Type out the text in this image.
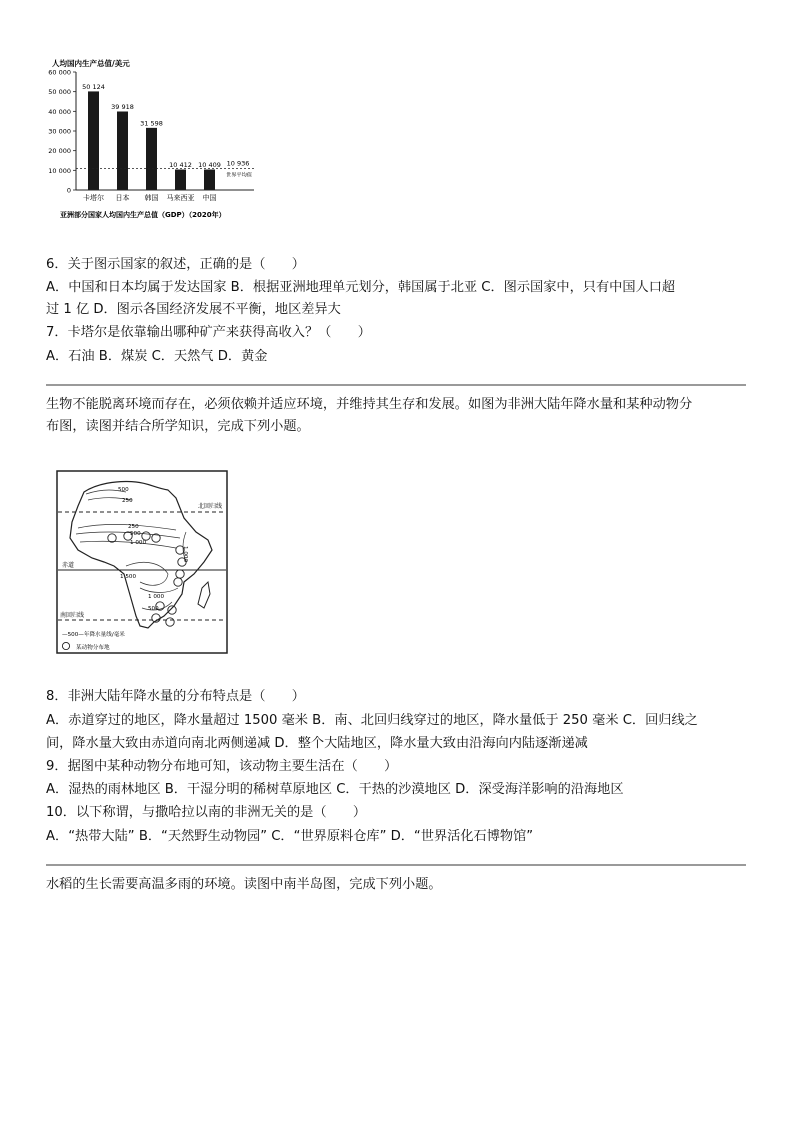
人均国内生产总值/美元
0
10 000
20 000
30 000
40 000
50 000
60 000
50 124
39 918
31 598
10 412 10 409
卡塔尔 日本 韩国 马来西亚 中国
10 936
世界平均值
亚洲部分国家人均国内生产总值（GDP）（2020年）
6．关于图示国家的叙述，正确的是（　　）
A．中国和日本均属于发达国家 B．根据亚洲地理单元划分，韩国属于北亚 C．图示国家中，只有中国人口超
过 1 亿 D．图示各国经济发展不平衡，地区差异大
7．卡塔尔是依靠输出哪种矿产来获得高收入？（　　）
A．石油 B．煤炭 C．天然气 D．黄金
生物不能脱离环境而存在，必须依赖并适应环境，并维持其生存和发展。如图为非洲大陆年降水量和某种动物分
布图，读图并结合所学知识，完成下列小题。
北回归线
赤道
南回归线
500
250
250
500
1 000
1 000
1 500
1 000
500
—500—年降水量线/毫米
某动物分布地
8．非洲大陆年降水量的分布特点是（　　）
A．赤道穿过的地区，降水量超过 1500 毫米 B．南、北回归线穿过的地区，降水量低于 250 毫米 C．回归线之
间，降水量大致由赤道向南北两侧递减 D．整个大陆地区，降水量大致由沿海向内陆逐渐递减
9．据图中某种动物分布地可知，该动物主要生活在（　　）
A．湿热的雨林地区 B．干湿分明的稀树草原地区 C．干热的沙漠地区 D．深受海洋影响的沿海地区
10．以下称谓，与撒哈拉以南的非洲无关的是（　　）
A．“热带大陆” B．“天然野生动物园” C．“世界原料仓库” D．“世界活化石博物馆”
水稻的生长需要高温多雨的环境。读图中南半岛图，完成下列小题。
